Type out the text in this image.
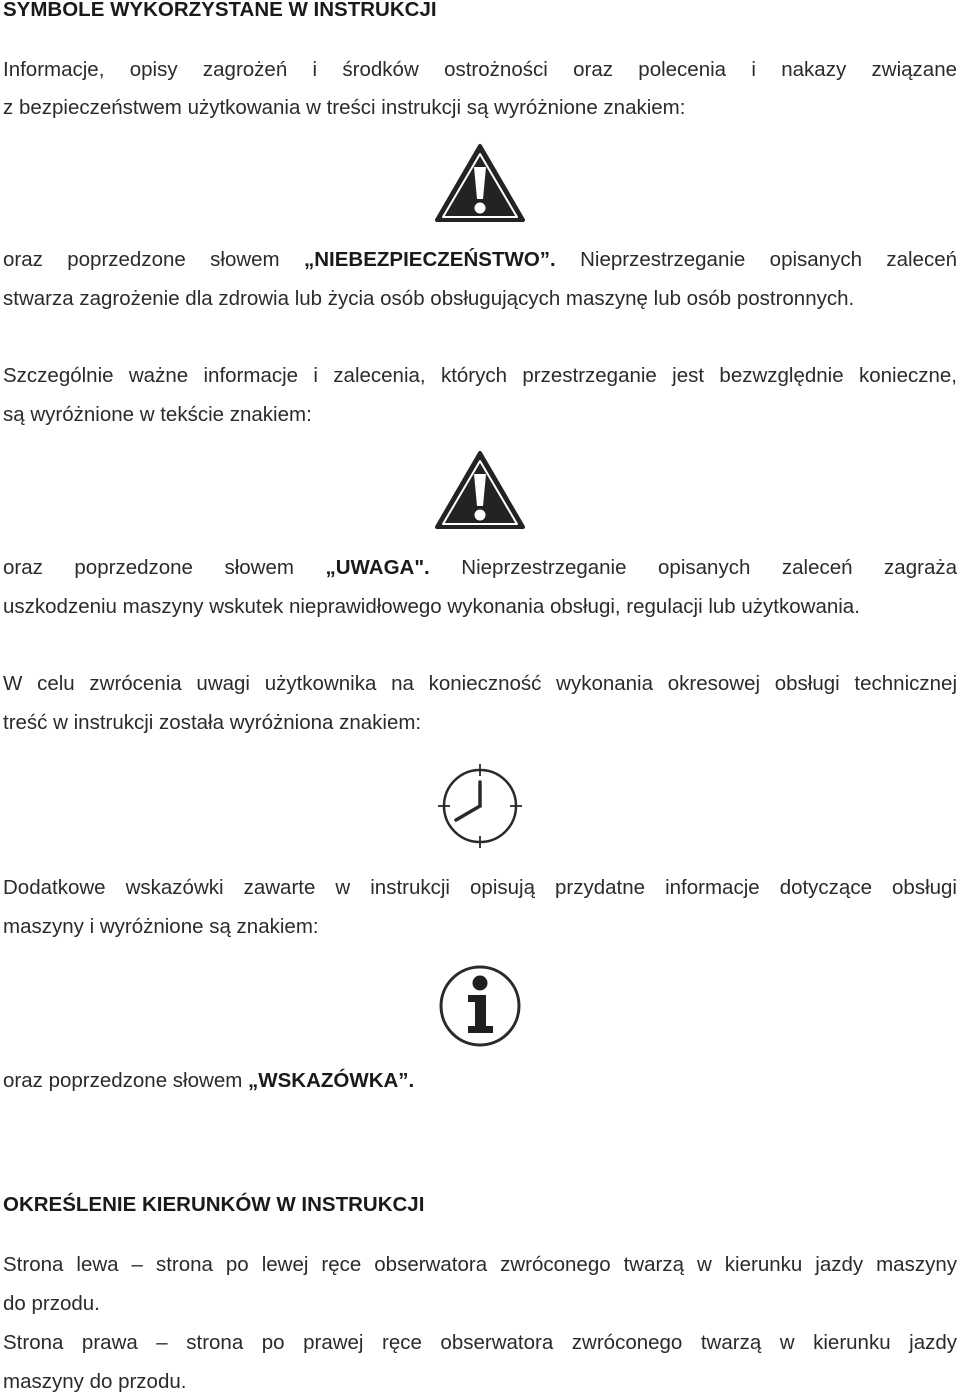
SYMBOLE WYKORZYSTANE W INSTRUKCJI

Informacje, opisy zagrożeń i środków ostrożności oraz polecenia i nakazy związane

z bezpieczeństwem użytkowania w treści instrukcji są wyróżnione znakiem:

oraz poprzedzone słowem „NIEBEZPIECZEŃSTWO”. Nieprzestrzeganie opisanych zaleceń

stwarza zagrożenie dla zdrowia lub życia osób obsługujących maszynę lub osób postronnych.

Szczególnie ważne informacje i zalecenia, których przestrzeganie jest bezwzględnie konieczne,

są wyróżnione w tekście znakiem:

oraz poprzedzone słowem „UWAGA". Nieprzestrzeganie opisanych zaleceń zagraża

uszkodzeniu maszyny wskutek nieprawidłowego wykonania obsługi, regulacji lub użytkowania.

W celu zwrócenia uwagi użytkownika na konieczność wykonania okresowej obsługi technicznej

treść w instrukcji została wyróżniona znakiem:

Dodatkowe wskazówki zawarte w instrukcji opisują przydatne informacje dotyczące obsługi

maszyny i wyróżnione są znakiem:

oraz poprzedzone słowem „WSKAZÓWKA”.

OKREŚLENIE KIERUNKÓW W INSTRUKCJI

Strona lewa – strona po lewej ręce obserwatora zwróconego twarzą w kierunku jazdy maszyny

do przodu.

Strona prawa – strona po prawej ręce obserwatora zwróconego twarzą w kierunku jazdy

maszyny do przodu.
